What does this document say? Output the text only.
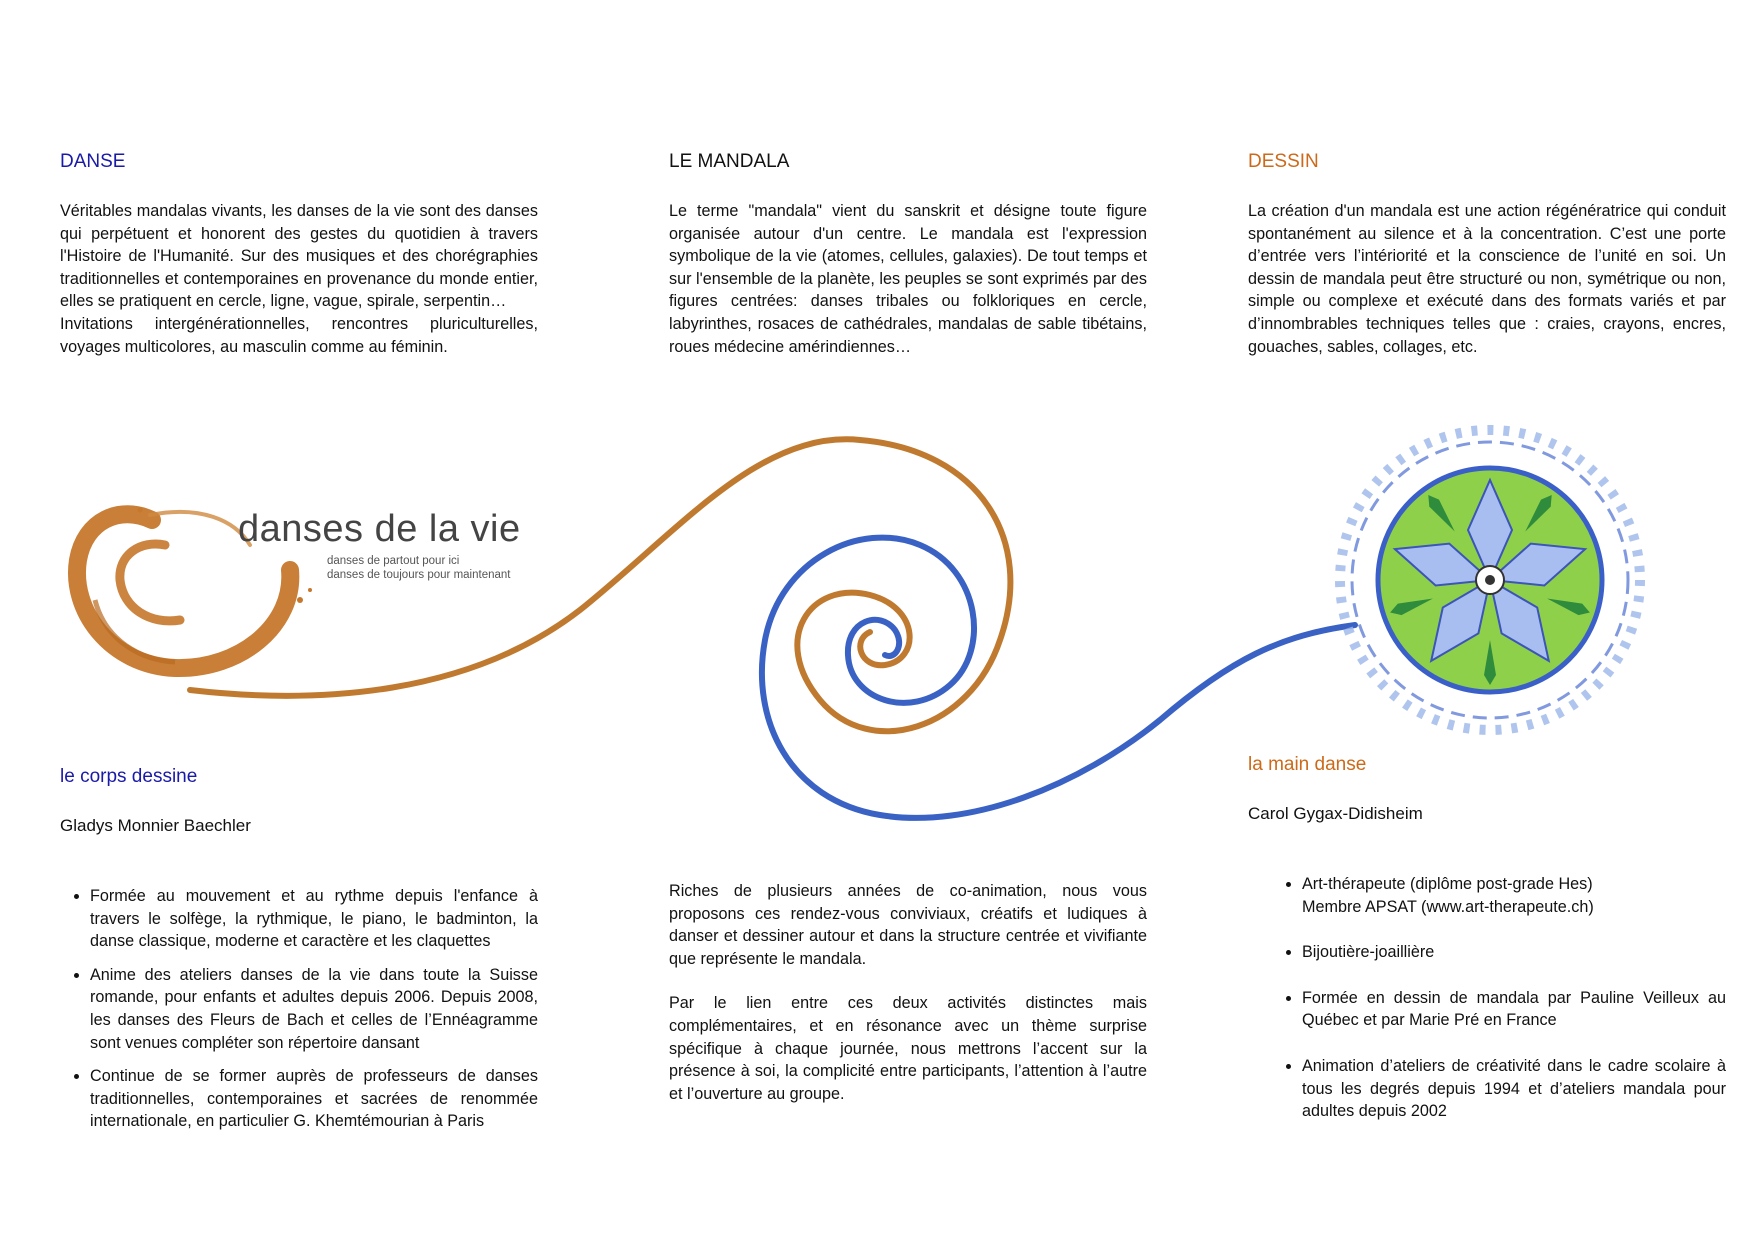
DANSE
Véritables mandalas vivants, les danses de la vie sont des danses qui perpétuent et honorent des gestes du quotidien à travers l'Histoire de l'Humanité. Sur des musiques et des chorégraphies traditionnelles et contemporaines en provenance du monde entier, elles se pratiquent en cercle, ligne, vague, spirale, serpentin…
Invitations intergénérationnelles, rencontres pluriculturelles, voyages multicolores, au masculin comme au féminin.
LE MANDALA

Le terme "mandala" vient du sanskrit et désigne toute figure organisée autour d'un centre. Le mandala est l'expression symbolique de la vie (atomes, cellules, galaxies). De tout temps et sur l'ensemble de la planète, les peuples se sont exprimés par des figures centrées: danses tribales ou folkloriques en cercle, labyrinthes, rosaces de cathédrales, mandalas de sable tibétains, roues médecine amérindiennes…

DESSIN

La création d'un mandala est une action régénératrice qui conduit spontanément au silence et à la concentration. C’est une porte d’entrée vers l’intériorité et la conscience de l’unité en soi. Un dessin de mandala peut être structuré ou non, symétrique ou non, simple ou complexe et exécuté dans des formats variés et par d’innombrables techniques telles que : craies, crayons, encres, gouaches, sables, collages, etc.

danses de la vie

danses de partout pour ici
danses de toujours pour maintenant

le corps dessine

Gladys Monnier Baechler

• Formée au mouvement et au rythme depuis l'enfance à travers le solfège, la rythmique, le piano, le badminton, la danse classique, moderne et caractère et les claquettes
• Anime des ateliers danses de la vie dans toute la Suisse romande, pour enfants et adultes depuis 2006. Depuis 2008, les danses des Fleurs de Bach et celles de l’Ennéagramme sont venues compléter son répertoire dansant
• Continue de se former auprès de professeurs de danses traditionnelles, contemporaines et sacrées de renommée internationale, en particulier G. Khemtémourian à Paris
Riches de plusieurs années de co-animation, nous vous proposons ces rendez-vous conviviaux, créatifs et ludiques à danser et dessiner autour et dans la structure centrée et vivifiante que représente le mandala.
Par le lien entre ces deux activités distinctes mais complémentaires, et en résonance avec un thème surprise spécifique à chaque journée, nous mettrons l’accent sur la présence à soi, la complicité entre participants, l’attention à l’autre et l’ouverture au groupe.
la main danse

Carol Gygax-Didisheim

• Art-thérapeute (diplôme post-grade Hes)
Membre APSAT (www.art-therapeute.ch)
• Bijoutière-joaillière
• Formée en dessin de mandala par Pauline Veilleux au Québec et par Marie Pré en France
• Animation d’ateliers de créativité dans le cadre scolaire à tous les degrés depuis 1994 et d’ateliers mandala pour adultes depuis 2002
